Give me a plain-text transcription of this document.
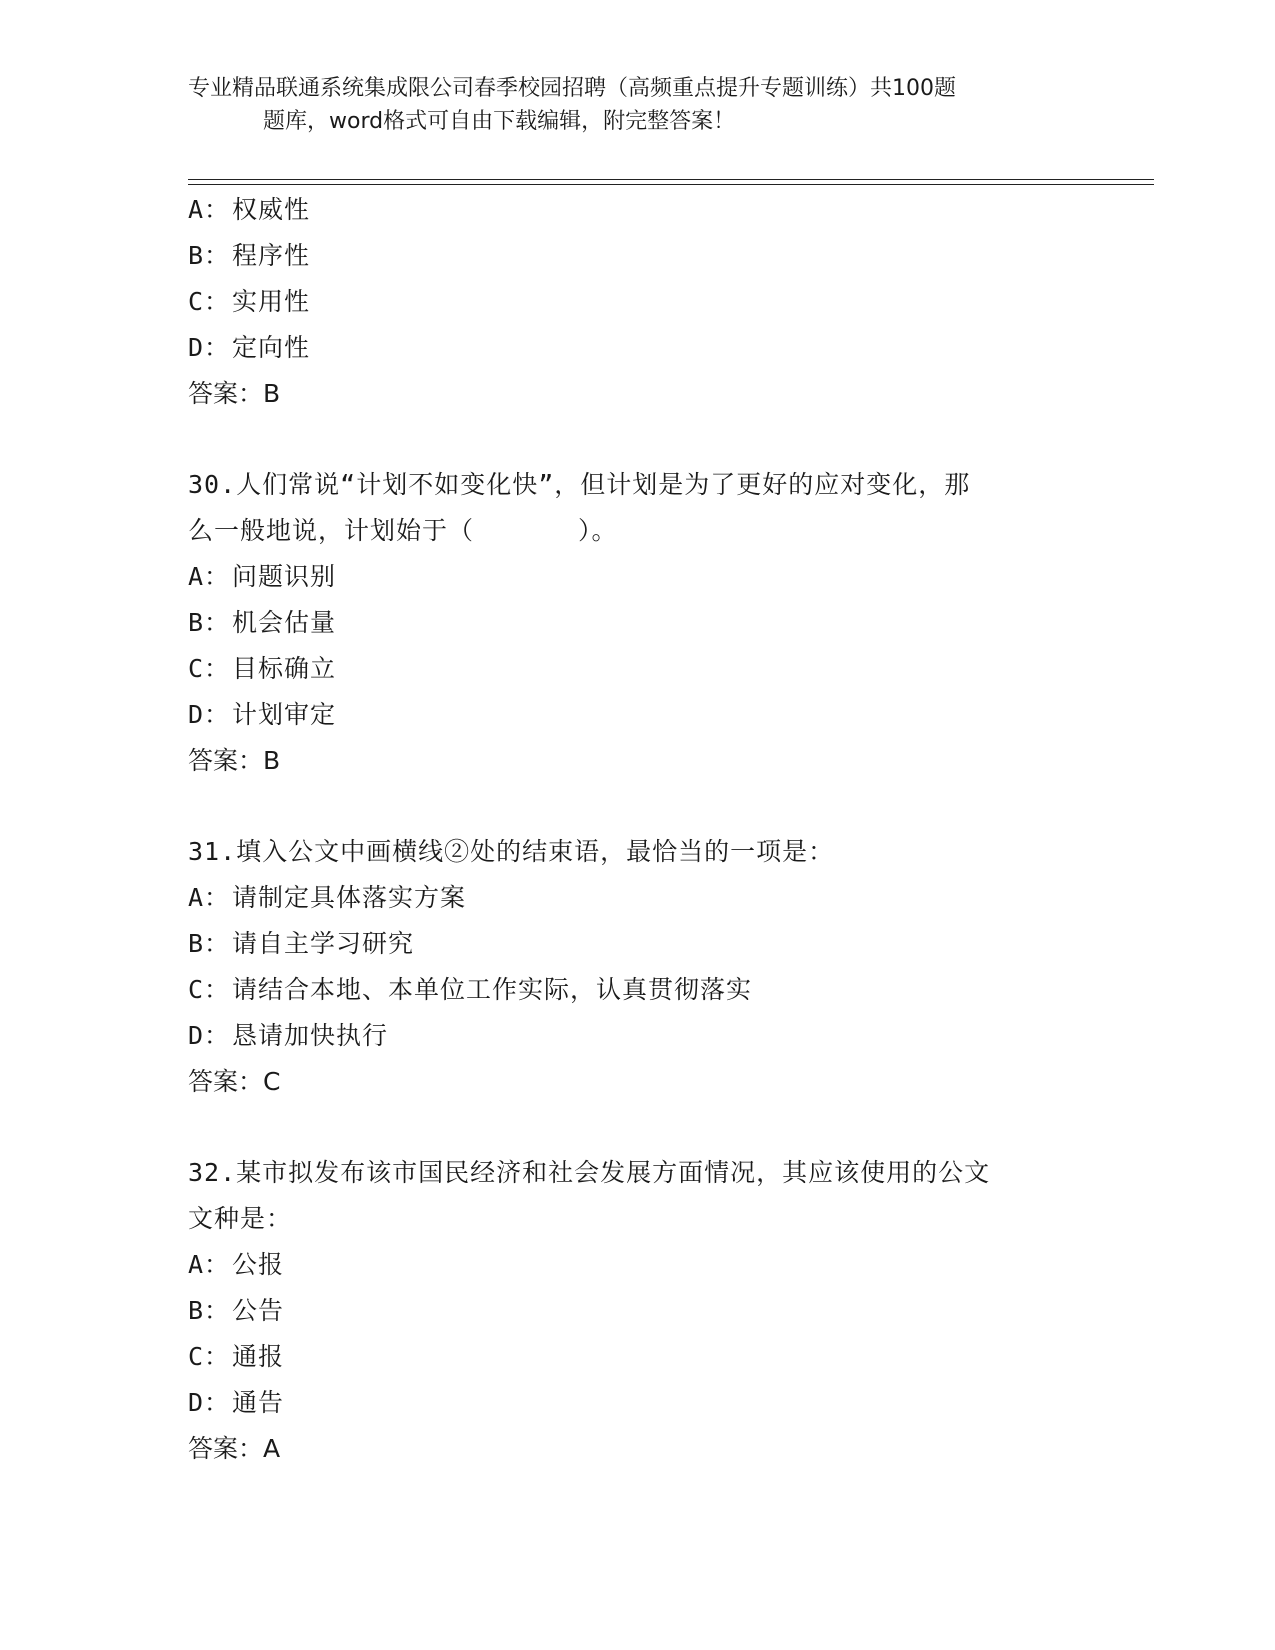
专业精品联通系统集成限公司春季校园招聘（高频重点提升专题训练）共100题
题库，word格式可自由下载编辑，附完整答案！
A：权威性
B：程序性
C：实用性
D：定向性
答案：B
30.人们常说“计划不如变化快”，但计划是为了更好的应对变化，那
么一般地说，计划始于（　　　　）。
A：问题识别
B：机会估量
C：目标确立
D：计划审定
答案：B
31.填入公文中画横线②处的结束语，最恰当的一项是：
A：请制定具体落实方案
B：请自主学习研究
C：请结合本地、本单位工作实际，认真贯彻落实
D：恳请加快执行
答案：C
32.某市拟发布该市国民经济和社会发展方面情况，其应该使用的公文
文种是：
A：公报
B：公告
C：通报
D：通告
答案：A
